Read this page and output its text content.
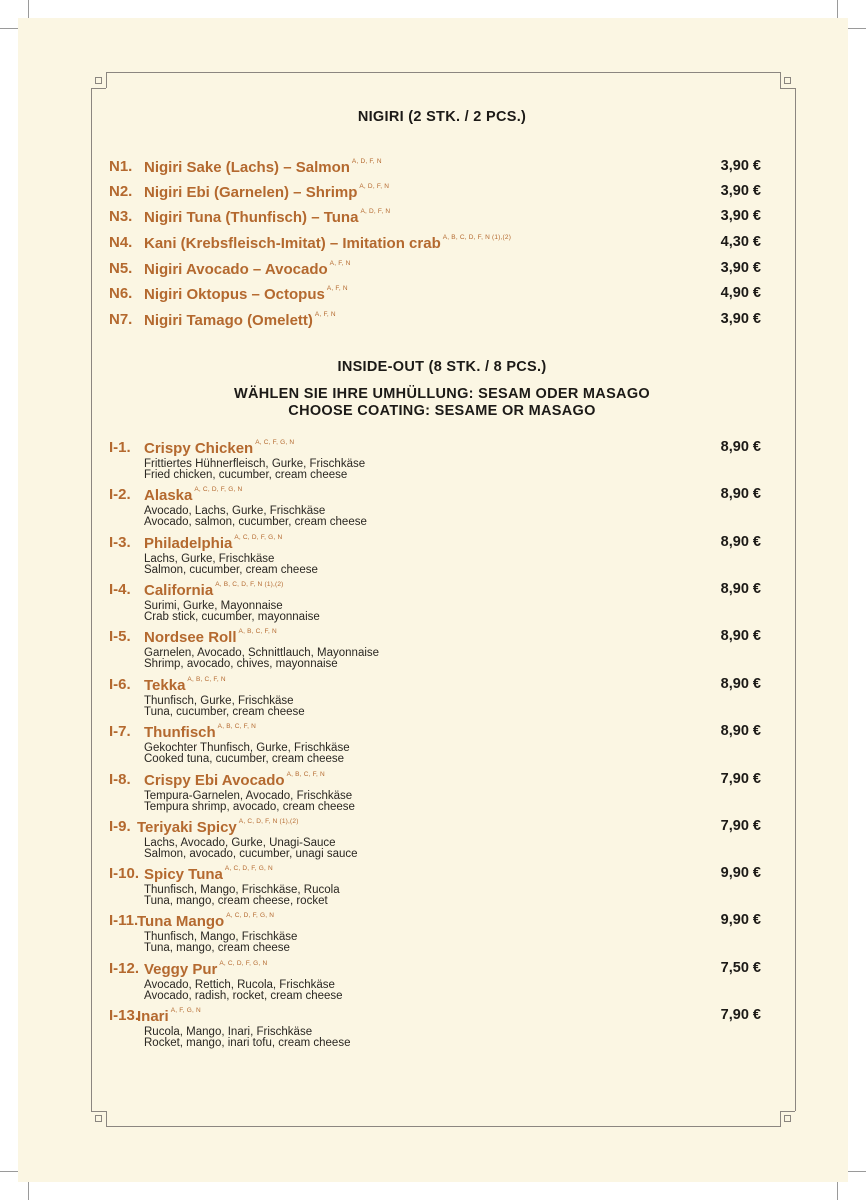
NIGIRI (2 STK. / 2 PCS.)
INSIDE-OUT (8 STK. / 8 PCS.)
WÄHLEN SIE IHRE UMHÜLLUNG: SESAM ODER MASAGO
CHOOSE COATING: SESAME OR MASAGO
N1. Nigiri Sake (Lachs) – Salmon $^{A, D, F, N}$	3,90 €
N2. Nigiri Ebi (Garnelen) – Shrimp $^{A, D, F, N}$	3,90 €
N3. Nigiri Tuna (Thunfisch) – Tuna $^{A, D, F, N}$	3,90 €
N4. Kani (Krebsfleisch-Imitat) – Imitation crab $^{A, B, C, D, F, N (1),(2)}$	4,30 €
N5. Nigiri Avocado – Avocado $^{A, F, N}$	3,90 €
N6. Nigiri Oktopus – Octopus $^{A, F, N}$	4,90 €
N7. Nigiri Tamago (Omelett) $^{A, F, N}$	3,90 €
I-1. Crispy Chicken $^{A, C, F, G, N}$	8,90 €
Frittiertes Hühnerfleisch, Gurke, Frischkäse
Fried chicken, cucumber, cream cheese
I-2. Alaska $^{A, C, D, F, G, N}$	8,90 €
Avocado, Lachs, Gurke, Frischkäse
Avocado, salmon, cucumber, cream cheese
I-3. Philadelphia $^{A, C, D, F, G, N}$	8,90 €
Lachs, Gurke, Frischkäse
Salmon, cucumber, cream cheese
I-4. California $^{A, B, C, D, F, N (1),(2)}$	8,90 €
Surimi, Gurke, Mayonnaise
Crab stick, cucumber, mayonnaise
I-5. Nordsee Roll $^{A, B, C, F, N}$	8,90 €
Garnelen, Avocado, Schnittlauch, Mayonnaise
Shrimp, avocado, chives, mayonnaise
I-6. Tekka $^{A, B, C, F, N}$	8,90 €
Thunfisch, Gurke, Frischkäse
Tuna, cucumber, cream cheese
I-7. Thunfisch $^{A, B, C, F, N}$	8,90 €
Gekochter Thunfisch, Gurke, Frischkäse
Cooked tuna, cucumber, cream cheese
I-8. Crispy Ebi Avocado $^{A, B, C, F, N}$	7,90 €
Tempura-Garnelen, Avocado, Frischkäse
Tempura shrimp, avocado, cream cheese
I-9. Teriyaki Spicy $^{A, C, D, F, N (1),(2)}$	7,90 €
Lachs, Avocado, Gurke, Unagi-Sauce
Salmon, avocado, cucumber, unagi sauce
I-10. Spicy Tuna $^{A, C, D, F, G, N}$	9,90 €
Thunfisch, Mango, Frischkäse, Rucola
Tuna, mango, cream cheese, rocket
I-11.
Tuna Mango $^{A, C, D, F, G, N}$	9,90 €
Thunfisch, Mango, Frischkäse
Tuna, mango, cream cheese
I-12. Veggy Pur $^{A, C, D, F, G, N}$	7,50 €
Avocado, Rettich, Rucola, Frischkäse
Avocado, radish, rocket, cream cheese
I-13.
Inari $^{A, F, G, N}$	7,90 €
Rucola, Mango, Inari, Frischkäse
Rocket, mango, inari tofu, cream cheese
